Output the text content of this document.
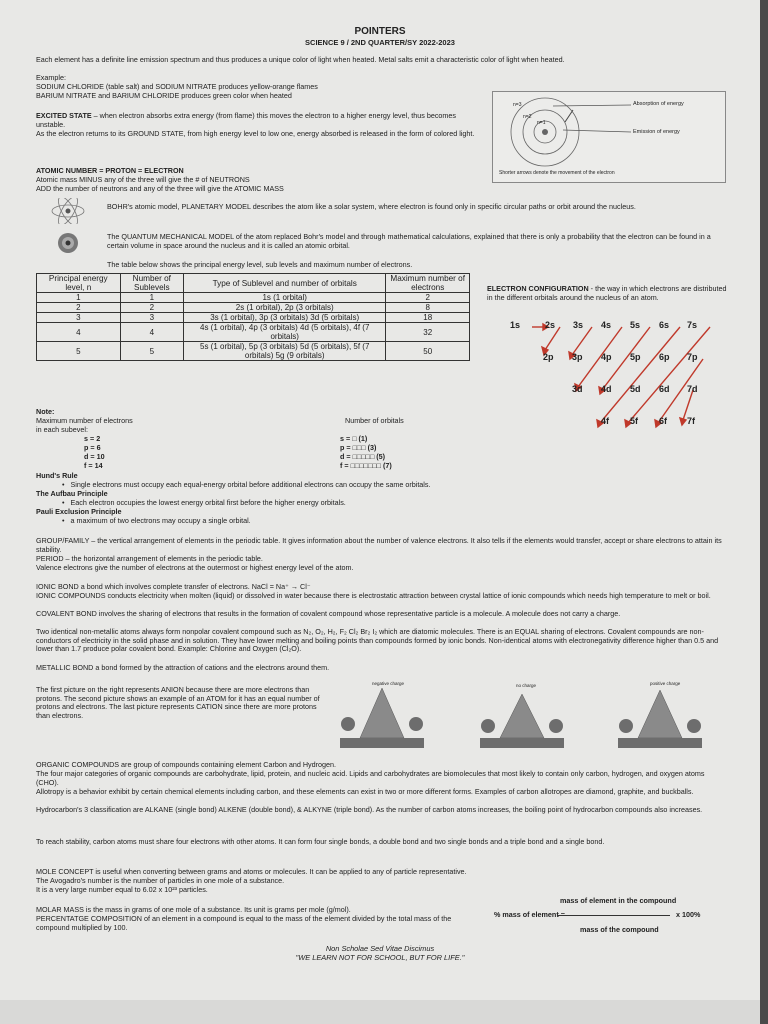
POINTERS
SCIENCE 9 / 2ND QUARTER/SY 2022-2023
Each element has a definite line emission spectrum and thus produces a unique color of light when heated. Metal salts emit a characteristic color of light when heated.
Example:
SODIUM CHLORIDE (table salt) and SODIUM NITRATE produces yellow-orange flames
BARIUM NITRATE and BARIUM CHLORIDE produces green color when heated
EXCITED STATE – when electron absorbs extra energy (from flame) this moves the electron to a higher energy level, thus becomes unstable.
As the electron returns to its GROUND STATE, from high energy level to low one, energy absorbed is released in the form of colored light.
n=3
n=2
n=1
Absorption of energy
Emission of energy
Shorter arrows denote the movement of the electron
ATOMIC NUMBER = PROTON = ELECTRON
Atomic mass MINUS any of the three will give the # of NEUTRONS
ADD the number of neutrons and any of the three will give the ATOMIC MASS
BOHR's atomic model, PLANETARY MODEL describes the atom like a solar system, where electron is found only in specific circular paths or orbit around the nucleus.
The QUANTUM MECHANICAL MODEL of the atom replaced Bohr's model and through mathematical calculations, explained that there is only a probability that the electron can be found in a certain volume in space around the nucleus and it is called an atomic orbital.
The table below shows the principal energy level, sub levels and maximum number of electrons.
Principal energy level, n	Number of Sublevels	Type of Sublevel and number of orbitals	Maximum number of electrons
1	1	1s (1 orbital)	2
2	2	2s (1 orbital), 2p (3 orbitals)	8
3	3	3s (1 orbital), 3p (3 orbitals) 3d (5 orbitals)	18
4	4	4s (1 orbital), 4p (3 orbitals) 4d (5 orbitals), 4f (7 orbitals)	32
5	5	5s (1 orbital), 5p (3 orbitals) 5d (5 orbitals), 5f (7 orbitals) 5g (9 orbitals)	50
ELECTRON CONFIGURATION - the way in which electrons are distributed in the different orbitals around the nucleus of an atom.
1s	2s 3s 4s 5s 6s 7s
2p 3p 4p 5p 6p 7p
3d 4d 5d 6d 7d
4f 5f 6f 7f
Note:
Maximum number of electrons
in each subevel:
s = 2
p = 6
d = 10
f = 14
Number of orbitals
s = □ (1)
p = □□□ (3)
d = □□□□□ (5)
f = □□□□□□□ (7)
Hund's Rule
•   Single electrons must occupy each equal-energy orbital before additional electrons can occupy the same orbitals.
The Aufbau Principle
•   Each electron occupies the lowest energy orbital first before the higher energy orbitals.
Pauli Exclusion Principle
•   a maximum of two electrons may occupy a single orbital.
GROUP/FAMILY – the vertical arrangement of elements in the periodic table. It gives information about the number of valence electrons. It also tells if the elements would transfer, accept or share electrons to attain its stability.
PERIOD – the horizontal arrangement of elements in the periodic table.
Valence electrons give the number of electrons at the outermost or highest energy level of the atom.
IONIC BOND a bond which involves complete transfer of electrons. NaCl = Na⁺ → Cl⁻
IONIC COMPOUNDS conducts electricity when molten (liquid) or dissolved in water because there is electrostatic attraction between crystal lattice of ionic compounds which needs high temperature to melt or boil.
COVALENT BOND involves the sharing of electrons that results in the formation of covalent compound whose representative particle is a molecule. A molecule does not carry a charge.
Two identical non-metallic atoms always form nonpolar covalent compound such as N₂, O₂, H₂, F₂ Cl₂ Br₂ I₂ which are diatomic molecules. There is an EQUAL sharing of electrons. Covalent compounds are non-conductors of electricity in the solid phase and in solution. They have lower melting and boiling points than compounds formed by ionic bonds. Non-identical atoms with electronegativity difference higher than 0.5 and lower than 1.7 produce polar covalent bond. Example: Chlorine and Oxygen (Cl₂O).
METALLIC BOND a bond formed by the attraction of cations and the electrons around them.
The first picture on the right represents ANION because there are more electrons than protons. The second picture shows an example of an ATOM for it has an equal number of protons and electrons. The last picture represents CATION since there are more protons than electrons.
negative charge	no charge	positive charge
ORGANIC COMPOUNDS are group of compounds containing element Carbon and Hydrogen.
The four major categories of organic compounds are carbohydrate, lipid, protein, and nucleic acid. Lipids and carbohydrates are biomolecules that most likely to contain only carbon, hydrogen, and oxygen atoms (CHO).
Allotropy is a behavior exhibit by certain chemical elements including carbon, and these elements can exist in two or more different forms. Examples of carbon allotropes are diamond, graphite, and buckballs.
Hydrocarbon's 3 classification are ALKANE (single bond) ALKENE (double bond), & ALKYNE (triple bond). As the number of carbon atoms increases, the boiling point of hydrocarbon compounds also increases.
To reach stability, carbon atoms must share four electrons with other atoms. It can form four single bonds, a double bond and two single bonds and a triple bond and a single bond.
MOLE CONCEPT is useful when converting between grams and atoms or molecules. It can be applied to any of particle representative.
The Avogadro's number is the number of particles in one mole of a substance.
It is a very large number equal to 6.02 x 10²³ particles.
MOLAR MASS is the mass in grams of one mole of a substance. Its unit is grams per mole (g/mol).
PERCENTATGE COMPOSITION of an element in a compound is equal to the mass of the element divided by the total mass of the compound multiplied by 100.
mass of element in the compound
% mass of element =	x 100%
mass of the compound
Non Scholae Sed Vitae Discimus
"WE LEARN NOT FOR SCHOOL, BUT FOR LIFE."
